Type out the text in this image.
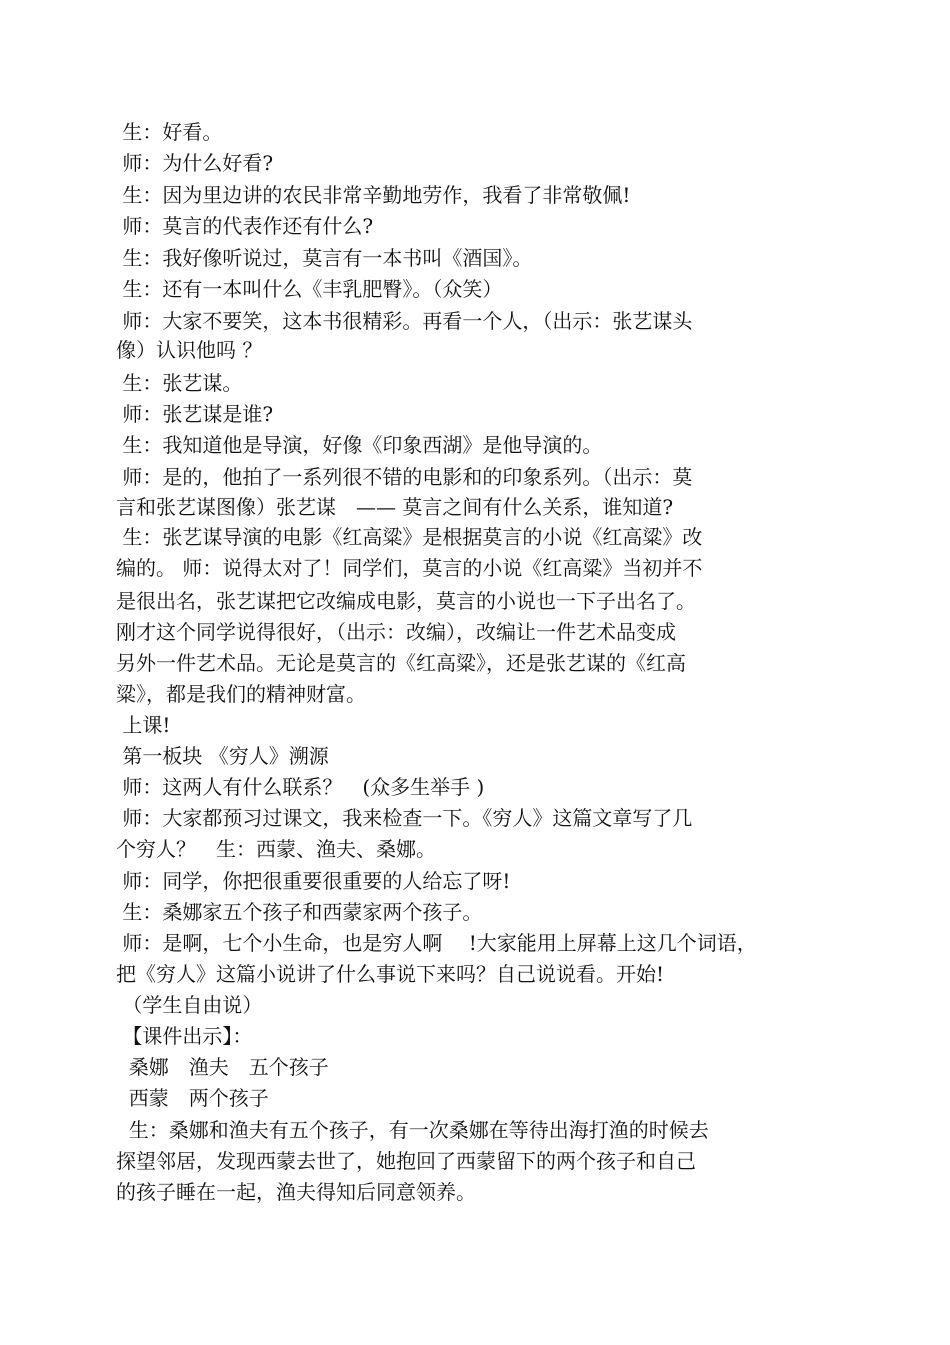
生：好看。
师：为什么好看?
生：因为里边讲的农民非常辛勤地劳作，我看了非常敬佩!
师：莫言的代表作还有什么?
生：我好像听说过，莫言有一本书叫《酒国》。
生：还有一本叫什么《丰乳肥臀》。（众笑）
师：大家不要笑，这本书很精彩。再看一个人，（出示：张艺谋头
像）认识他吗 ？
生：张艺谋。
师：张艺谋是谁?
生：我知道他是导演，好像《印象西湖》是他导演的。
师：是的，他拍了一系列很不错的电影和的印象系列。（出示：莫
言和张艺谋图像）张艺谋　—— 莫言之间有什么关系，谁知道?
生：张艺谋导演的电影《红高粱》是根据莫言的小说《红高粱》改
编的。 师：说得太对了！同学们，莫言的小说《红高粱》当初并不
是很出名，张艺谋把它改编成电影，莫言的小说也一下子出名了。
刚才这个同学说得很好，（出示：改编），改编让一件艺术品变成
另外一件艺术品。无论是莫言的《红高粱》，还是张艺谋的《红高
粱》，都是我们的精神财富。
上课!
第一板块 《穷人》溯源
师：这两人有什么联系？　(众多生举手 )
师：大家都预习过课文，我来检查一下。《穷人》这篇文章写了几
个穷人？　生：西蒙、渔夫、桑娜。
师：同学，你把很重要很重要的人给忘了呀!
生：桑娜家五个孩子和西蒙家两个孩子。
师：是啊，七个小生命，也是穷人啊　 !大家能用上屏幕上这几个词语，
把《穷人》这篇小说讲了什么事说下来吗？自己说说看。开始!
（学生自由说）
【课件出示】：
桑娜　渔夫　五个孩子
西蒙　两个孩子
生：桑娜和渔夫有五个孩子，有一次桑娜在等待出海打渔的时候去
探望邻居，发现西蒙去世了，她抱回了西蒙留下的两个孩子和自己
的孩子睡在一起，渔夫得知后同意领养。
